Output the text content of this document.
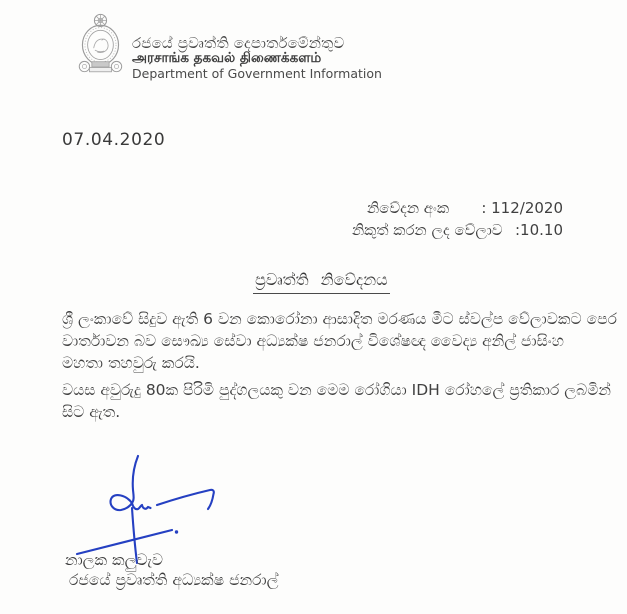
රජයේ ප්‍රවෘත්ති දෙපාර්තමේන්තුව
அரசாங்க தகவல் திணைக்களம்
Department of Government Information
07.04.2020
නිවේදන අංක : 112/2020
නිකුත් කරන ලද වේලාව :10.10
ප්‍රවෘත්ති නිවේදනය
ශ්‍රී ලංකාවේ සිදුව ඇති 6 වන කොරෝනා ආසාදිත මරණය මීට ස්වල්ප වේලාවකට පෙර
වාර්තාවන බව සෞඛ්‍ය සේවා අධ්‍යක්ෂ ජනරාල් විශේෂඥ වෛද්‍ය අනිල් ජාසිංහ
මහතා තහවුරු කරයි.
වයස අවුරුදු 80ක පිරිමි පුද්ගලයකු වන මෙම රෝගියා IDH රෝහලේ ප්‍රතිකාර ලබමින්
සිට ඇත.
නාලක කලුවැව
රජයේ ප්‍රවෘත්ති අධ්‍යක්ෂ ජනරාල්
